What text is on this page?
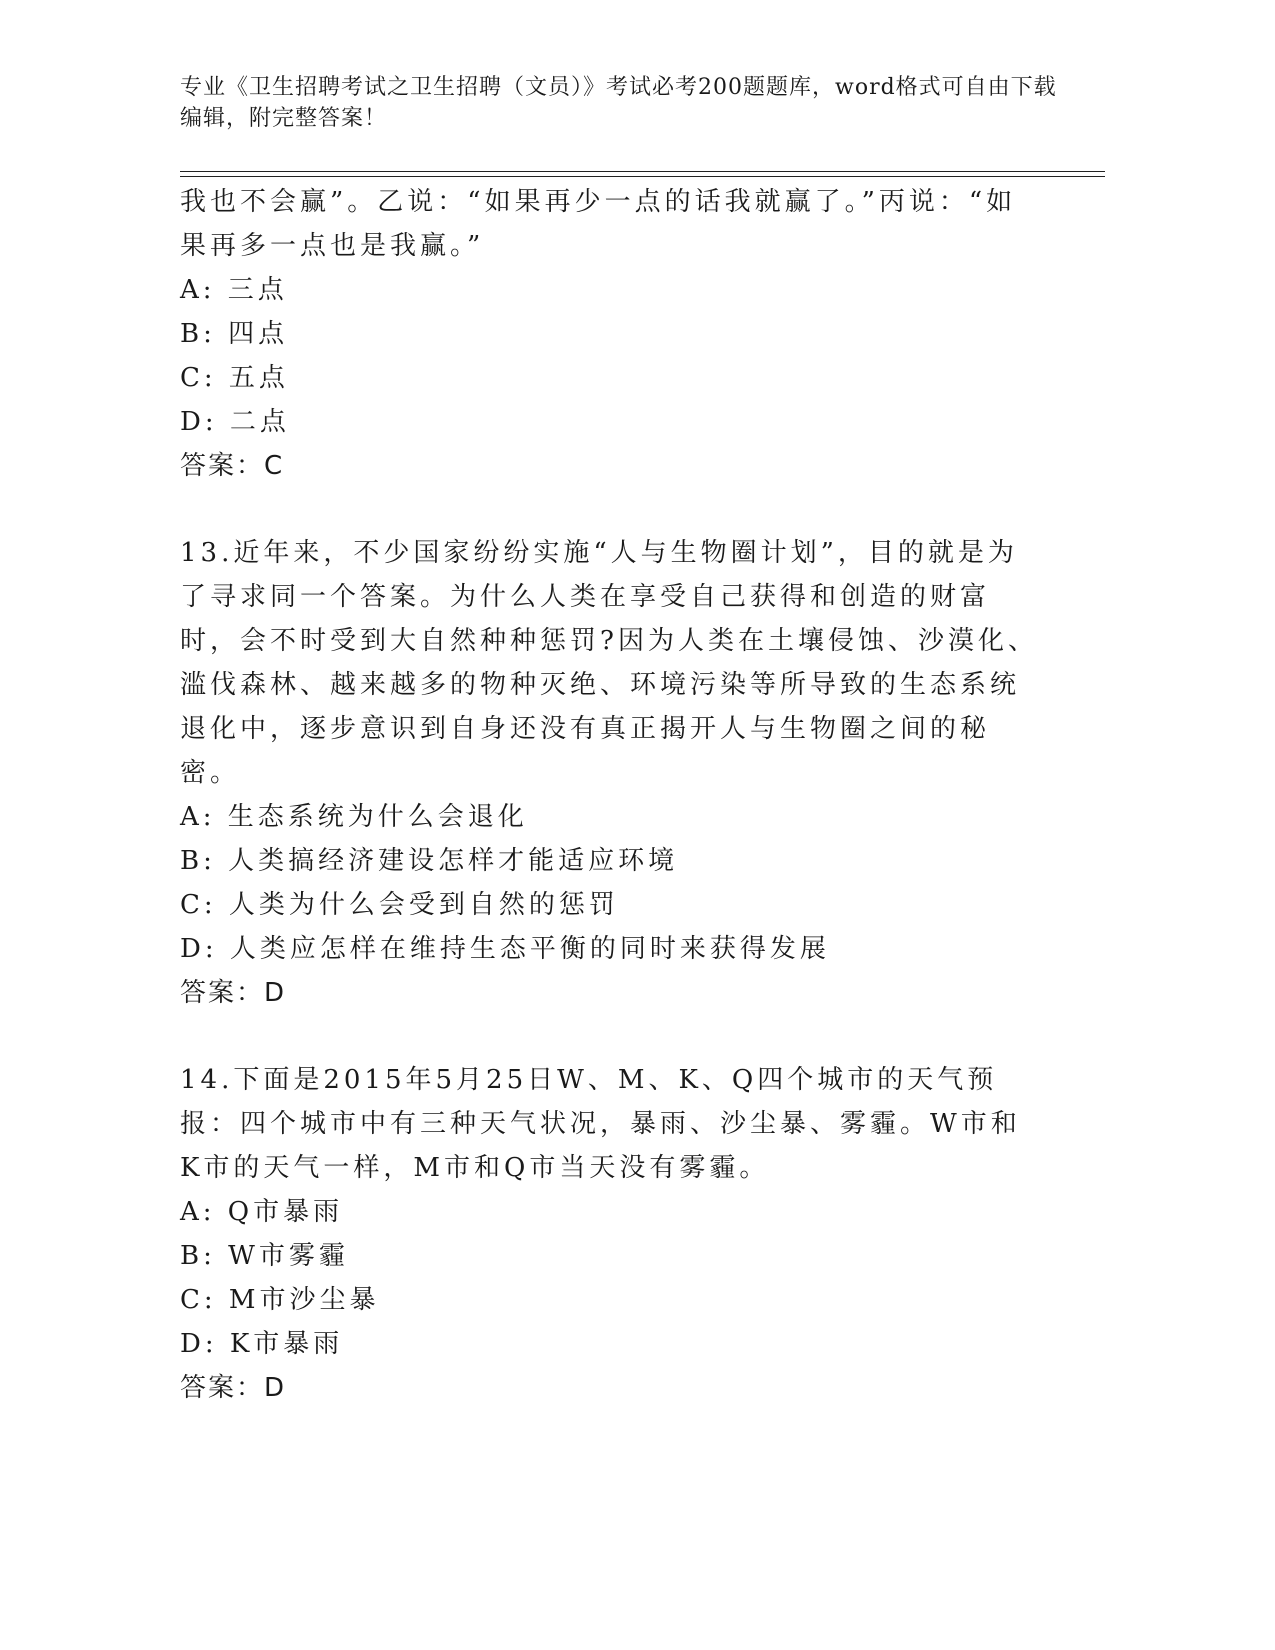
专业《卫生招聘考试之卫生招聘（文员）》考试必考200题题库，word格式可自由下载编辑，附完整答案！

我也不会赢”。乙说：“如果再少一点的话我就赢了。”丙说：“如果再多一点也是我赢。”

A: 三点

B: 四点

C: 五点

D: 二点

答案：C

13.近年来，不少国家纷纷实施“人与生物圈计划”，目的就是为了寻求同一个答案。为什么人类在享受自己获得和创造的财富时，会不时受到大自然种种惩罚?因为人类在土壤侵蚀、沙漠化、滥伐森林、越来越多的物种灭绝、环境污染等所导致的生态系统退化中，逐步意识到自身还没有真正揭开人与生物圈之间的秘密。

A: 生态系统为什么会退化

B: 人类搞经济建设怎样才能适应环境

C: 人类为什么会受到自然的惩罚

D: 人类应怎样在维持生态平衡的同时来获得发展

答案：D

14.下面是2015年5月25日W、M、K、Q四个城市的天气预报：四个城市中有三种天气状况，暴雨、沙尘暴、雾霾。W市和K市的天气一样，M市和Q市当天没有雾霾。

A: Q市暴雨

B: W市雾霾

C: M市沙尘暴

D: K市暴雨

答案：D
